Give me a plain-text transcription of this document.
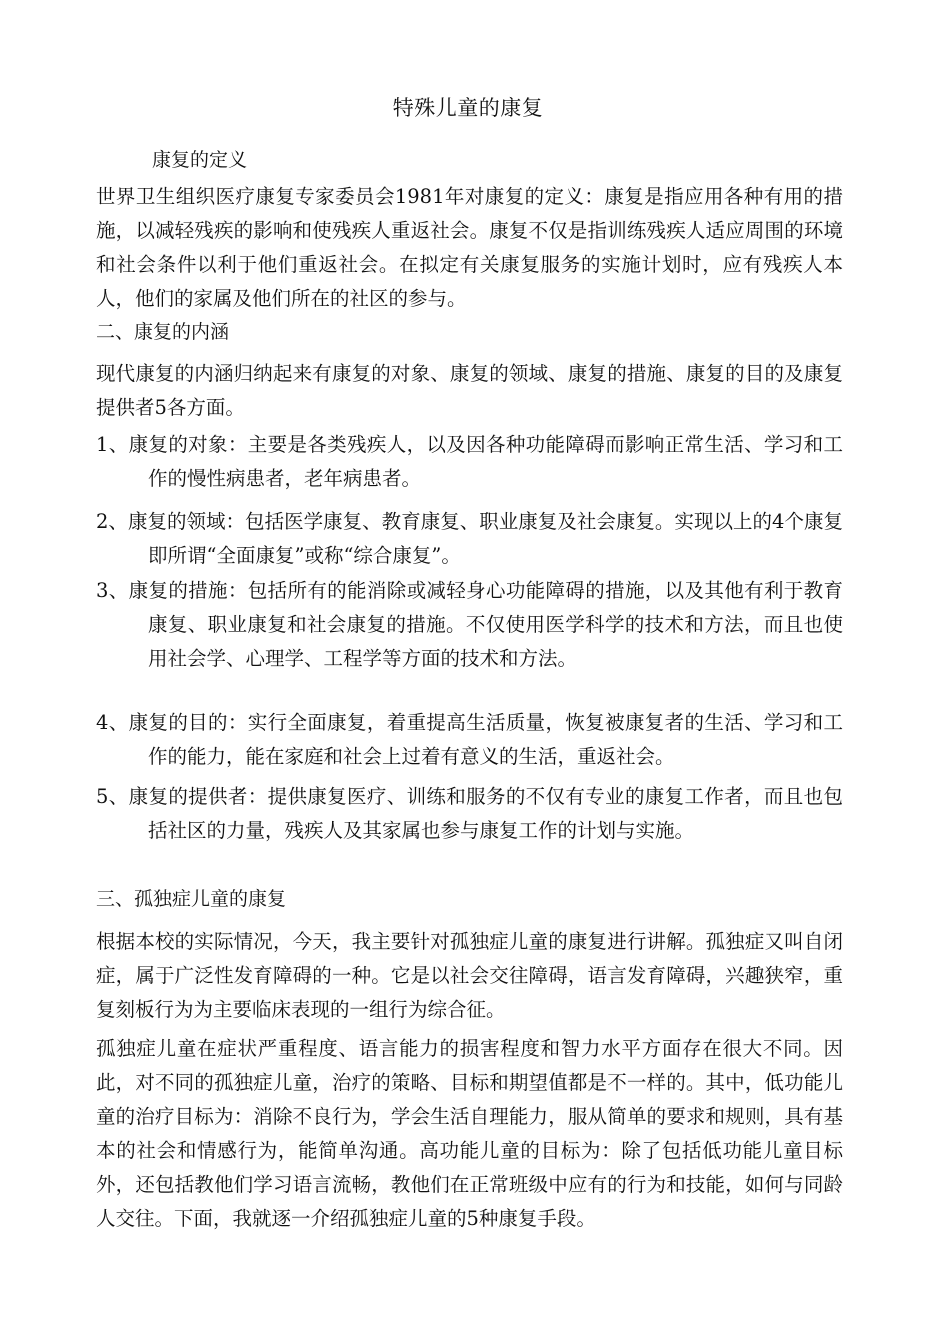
特殊儿童的康复
康复的定义
世界卫生组织医疗康复专家委员会1981年对康复的定义：康复是指应用各种有用的措施，以减轻残疾的影响和使残疾人重返社会。康复不仅是指训练残疾人适应周围的环境和社会条件以利于他们重返社会。在拟定有关康复服务的实施计划时，应有残疾人本人，他们的家属及他们所在的社区的参与。
二、康复的内涵
现代康复的内涵归纳起来有康复的对象、康复的领域、康复的措施、康复的目的及康复提供者5各方面。
1、康复的对象：主要是各类残疾人，以及因各种功能障碍而影响正常生活、学习和工作的慢性病患者，老年病患者。
2、康复的领域：包括医学康复、教育康复、职业康复及社会康复。实现以上的4个康复即所谓“全面康复”或称“综合康复”。
3、康复的措施：包括所有的能消除或减轻身心功能障碍的措施，以及其他有利于教育康复、职业康复和社会康复的措施。不仅使用医学科学的技术和方法，而且也使用社会学、心理学、工程学等方面的技术和方法。
4、康复的目的：实行全面康复，着重提高生活质量，恢复被康复者的生活、学习和工作的能力，能在家庭和社会上过着有意义的生活，重返社会。
5、康复的提供者：提供康复医疗、训练和服务的不仅有专业的康复工作者，而且也包括社区的力量，残疾人及其家属也参与康复工作的计划与实施。
三、孤独症儿童的康复
根据本校的实际情况，今天，我主要针对孤独症儿童的康复进行讲解。孤独症又叫自闭症，属于广泛性发育障碍的一种。它是以社会交往障碍，语言发育障碍，兴趣狭窄，重复刻板行为为主要临床表现的一组行为综合征。
孤独症儿童在症状严重程度、语言能力的损害程度和智力水平方面存在很大不同。因此，对不同的孤独症儿童，治疗的策略、目标和期望值都是不一样的。其中，低功能儿童的治疗目标为：消除不良行为，学会生活自理能力，服从简单的要求和规则，具有基本的社会和情感行为，能简单沟通。高功能儿童的目标为：除了包括低功能儿童目标外，还包括教他们学习语言流畅，教他们在正常班级中应有的行为和技能，如何与同龄人交往。下面，我就逐一介绍孤独症儿童的5种康复手段。
